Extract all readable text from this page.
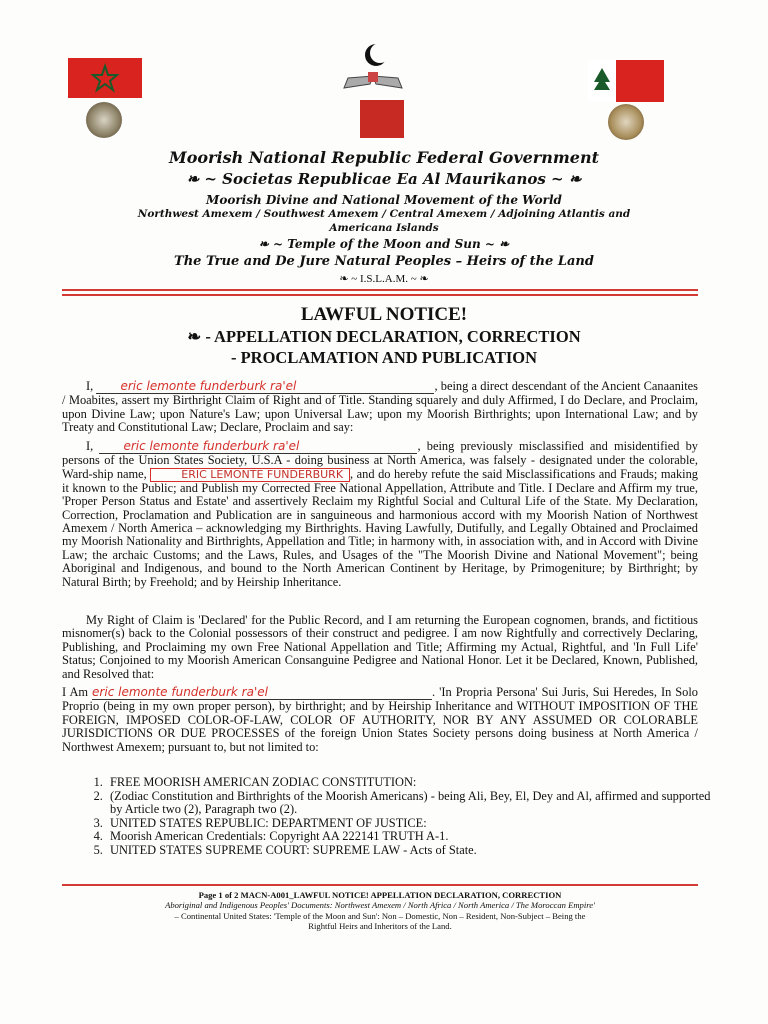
Moorish National Republic Federal Government
❧ ~ Societas Republicae Ea Al Maurikanos ~ ❧
Moorish Divine and National Movement of the World
Northwest Amexem / Southwest Amexem / Central Amexem / Adjoining Atlantis and
Americana Islands
❧ ~ Temple of the Moon and Sun ~ ❧
The True and De Jure Natural Peoples – Heirs of the Land
❧ ~ I.S.L.A.M. ~ ❧
LAWFUL NOTICE!
❧ - APPELLATION DECLARATION, CORRECTION
- PROCLAMATION AND PUBLICATION

I, eric lemonte funderburk ra'el	, being a direct descendant of the Ancient Canaanites / Moabites, assert my Birthright Claim of Right and of Title. Standing squarely and duly Affirmed, I do Declare, and Proclaim, upon Divine Law; upon Nature's Law; upon Universal Law; upon my Moorish Birthrights; upon International Law; and by Treaty and Constitutional Law; Declare, Proclaim and say:

I, eric lemonte funderburk ra'el	, being previously misclassified and misidentified by persons of the Union States Society, U.S.A - doing business at North America, was falsely - designated under the colorable, Ward-ship name,	ERIC LEMONTE FUNDERBURK , and do hereby refute the said Misclassifications and Frauds; making it known to the Public; and Publish my Corrected Free National Appellation, Attribute and Title. I Declare and Affirm my true, 'Proper Person Status and Estate' and assertively Reclaim my Rightful Social and Cultural Life of the State. My Declaration, Correction, Proclamation and Publication are in sanguineous and harmonious accord with my Moorish Nation of Northwest Amexem / North America – acknowledging my Birthrights. Having Lawfully, Dutifully, and Legally Obtained and Proclaimed my Moorish Nationality and Birthrights, Appellation and Title; in harmony with, in association with, and in Accord with Divine Law; the archaic Customs; and the Laws, Rules, and Usages of the "The Moorish Divine and National Movement"; being Aboriginal and Indigenous, and bound to the North American Continent by Heritage, by Primogeniture; by Birthright; by Natural Birth; by Freehold; and by Heirship Inheritance.

My Right of Claim is 'Declared' for the Public Record, and I am returning the European cognomen, brands, and fictitious misnomer(s) back to the Colonial possessors of their construct and pedigree. I am now Rightfully and correctively Declaring, Publishing, and Proclaiming my own Free National Appellation and Title; Affirming my Actual, Rightful, and 'In Full Life' Status; Conjoined to my Moorish American Consanguine Pedigree and National Honor. Let it be Declared, Known, Published, and Resolved that:

I Am eric lemonte funderburk ra'el	. 'In Propria Persona' Sui Juris, Sui Heredes, In Solo Proprio (being in my own proper person), by birthright; and by Heirship Inheritance and WITHOUT IMPOSITION OF THE FOREIGN, IMPOSED COLOR-OF-LAW, COLOR OF AUTHORITY, NOR BY ANY ASSUMED OR COLORABLE JURISDICTIONS OR DUE PROCESSES of the foreign Union States Society persons doing business at North America / Northwest Amexem; pursuant to, but not limited to:

1. FREE MOORISH AMERICAN ZODIAC CONSTITUTION:
2. (Zodiac Constitution and Birthrights of the Moorish Americans) - being Ali, Bey, El, Dey and Al, affirmed and supported by Article two (2), Paragraph two (2).
3. UNITED STATES REPUBLIC: DEPARTMENT OF JUSTICE:
4. Moorish American Credentials: Copyright AA 222141 TRUTH A-1.
5. UNITED STATES SUPREME COURT: SUPREME LAW - Acts of State.
Page 1 of 2 MACN-A001_LAWFUL NOTICE! APPELLATION DECLARATION, CORRECTION
Aboriginal and Indigenous Peoples' Documents: Northwest Amexem / North Africa / North America / The Moroccan Empire'
– Continental United States: 'Temple of the Moon and Sun': Non – Domestic, Non – Resident, Non-Subject – Being the
Rightful Heirs and Inheritors of the Land.
